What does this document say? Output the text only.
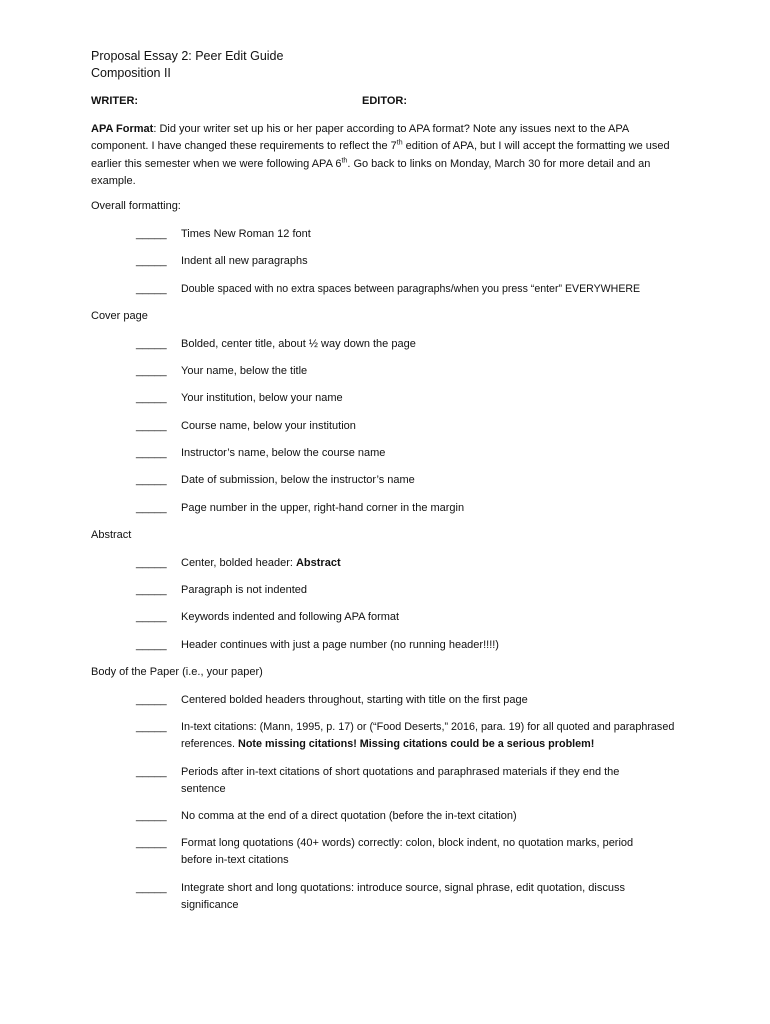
Proposal Essay 2: Peer Edit Guide
Composition II
WRITER:	EDITOR:
APA Format: Did your writer set up his or her paper according to APA format? Note any issues next to the APA component. I have changed these requirements to reflect the 7th edition of APA, but I will accept the formatting we used earlier this semester when we were following APA 6th. Go back to links on Monday, March 30 for more detail and an example.
Overall formatting:
_____ Times New Roman 12 font
_____ Indent all new paragraphs
_____ Double spaced with no extra spaces between paragraphs/when you press “enter” EVERYWHERE
Cover page
_____ Bolded, center title, about ½ way down the page
_____ Your name, below the title
_____ Your institution, below your name
_____ Course name, below your institution
_____ Instructor’s name, below the course name
_____ Date of submission, below the instructor’s name
_____ Page number in the upper, right-hand corner in the margin
Abstract
_____ Center, bolded header: Abstract
_____ Paragraph is not indented
_____ Keywords indented and following APA format
_____ Header continues with just a page number (no running header!!!!)
Body of the Paper (i.e., your paper)
_____ Centered bolded headers throughout, starting with title on the first page
_____ In-text citations: (Mann, 1995, p. 17) or (“Food Deserts,” 2016, para. 19) for all quoted and paraphrased references. Note missing citations! Missing citations could be a serious problem!
_____ Periods after in-text citations of short quotations and paraphrased materials if they end the sentence
_____ No comma at the end of a direct quotation (before the in-text citation)
_____ Format long quotations (40+ words) correctly: colon, block indent, no quotation marks, period before in-text citations
_____ Integrate short and long quotations: introduce source, signal phrase, edit quotation, discuss significance
